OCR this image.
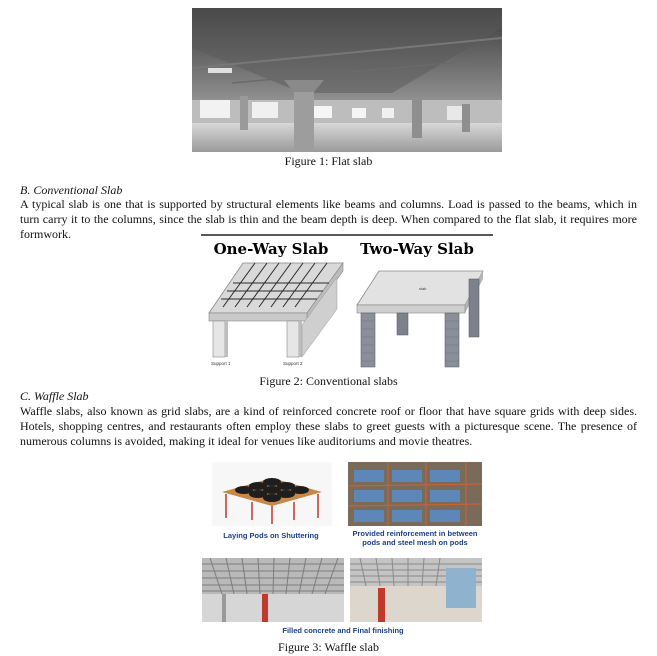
Figure 1: Flat slab
B. Conventional Slab
A typical slab is one that is supported by structural elements like beams and columns. Load is passed to the beams, which in turn carry it to the columns, since the slab is thin and the beam depth is deep. When compared to the flat slab, it requires more formwork.
One-Way Slab Two-Way Slab
Support 1	Support 2
slab
Figure 2: Conventional slabs
C. Waffle Slab
Waffle slabs, also known as grid slabs, are a kind of reinforced concrete roof or floor that have square grids with deep sides. Hotels, shopping centres, and restaurants often employ these slabs to greet guests with a picturesque scene. The presence of numerous columns is avoided, making it ideal for venues like auditoriums and movie theatres.
Laying Pods on Shuttering	Provided reinforcement in between pods and steel mesh on pods
Filled concrete and Final finishing
Figure 3: Waffle slab
